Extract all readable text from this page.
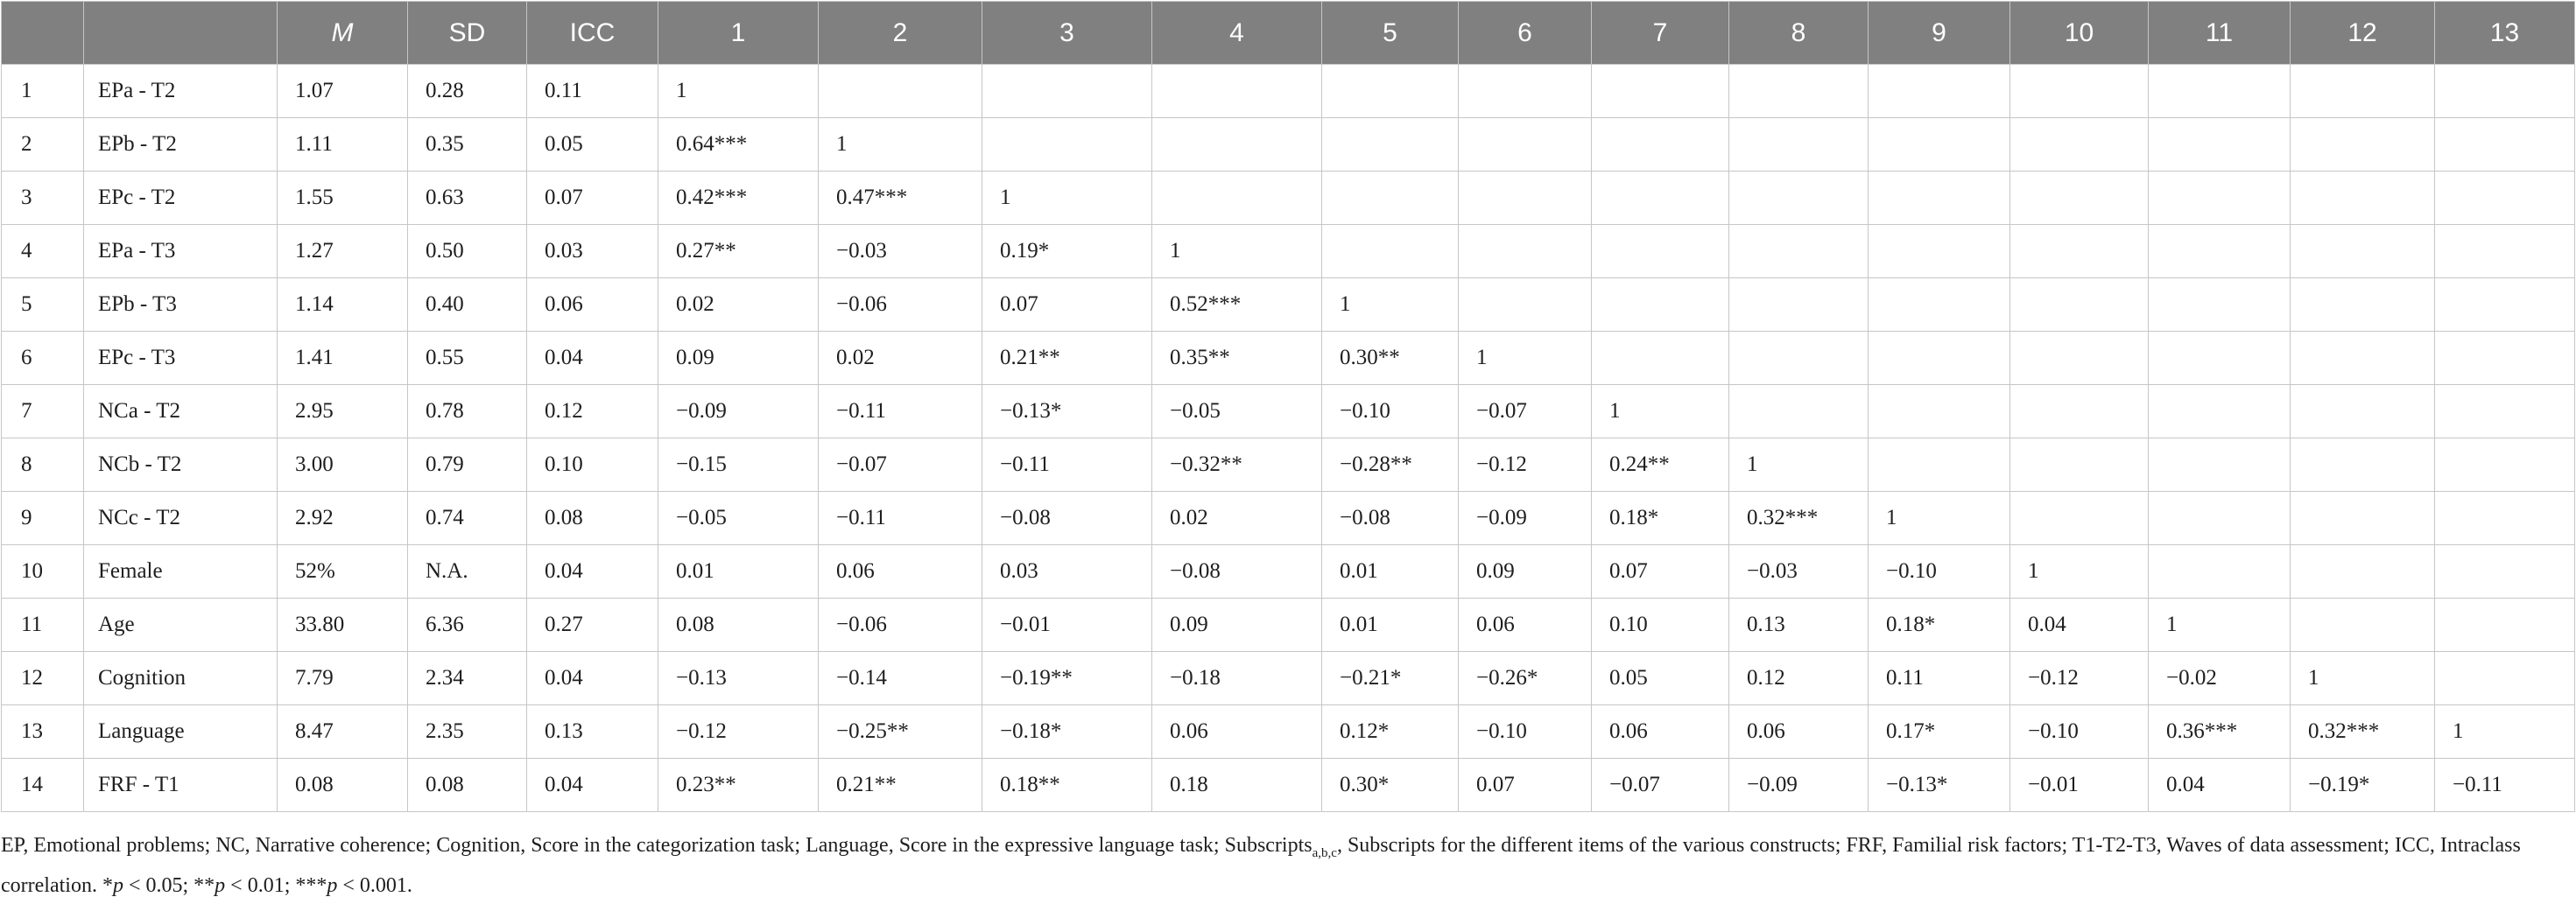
		M	SD	ICC	1	2	3	4	5	6	7	8	9	10	11	12	13
1	EPa - T2	1.07	0.28	0.11	1												
2	EPb - T2	1.11	0.35	0.05	0.64***	1											
3	EPc - T2	1.55	0.63	0.07	0.42***	0.47***	1										
4	EPa - T3	1.27	0.50	0.03	0.27**	−0.03	0.19*	1									
5	EPb - T3	1.14	0.40	0.06	0.02	−0.06	0.07	0.52***	1								
6	EPc - T3	1.41	0.55	0.04	0.09	0.02	0.21**	0.35**	0.30**	1							
7	NCa - T2	2.95	0.78	0.12	−0.09	−0.11	−0.13*	−0.05	−0.10	−0.07	1						
8	NCb - T2	3.00	0.79	0.10	−0.15	−0.07	−0.11	−0.32**	−0.28**	−0.12	0.24**	1					
9	NCc - T2	2.92	0.74	0.08	−0.05	−0.11	−0.08	0.02	−0.08	−0.09	0.18*	0.32***	1				
10	Female	52%	N.A.	0.04	0.01	0.06	0.03	−0.08	0.01	0.09	0.07	−0.03	−0.10	1			
11	Age	33.80	6.36	0.27	0.08	−0.06	−0.01	0.09	0.01	0.06	0.10	0.13	0.18*	0.04	1		
12	Cognition	7.79	2.34	0.04	−0.13	−0.14	−0.19**	−0.18	−0.21*	−0.26*	0.05	0.12	0.11	−0.12	−0.02	1	
13	Language	8.47	2.35	0.13	−0.12	−0.25**	−0.18*	0.06	0.12*	−0.10	0.06	0.06	0.17*	−0.10	0.36***	0.32***	1
14	FRF - T1	0.08	0.08	0.04	0.23**	0.21**	0.18**	0.18	0.30*	0.07	−0.07	−0.09	−0.13*	−0.01	0.04	−0.19*	−0.11
EP, Emotional problems; NC, Narrative coherence; Cognition, Score in the categorization task; Language, Score in the expressive language task; Subscripts$_{a,b,c}$, Subscripts for the different items of the various constructs; FRF, Familial risk factors; T1-T2-T3, Waves of data assessment; ICC, Intraclass correlation. *p < 0.05; **p < 0.01; ***p < 0.001.
